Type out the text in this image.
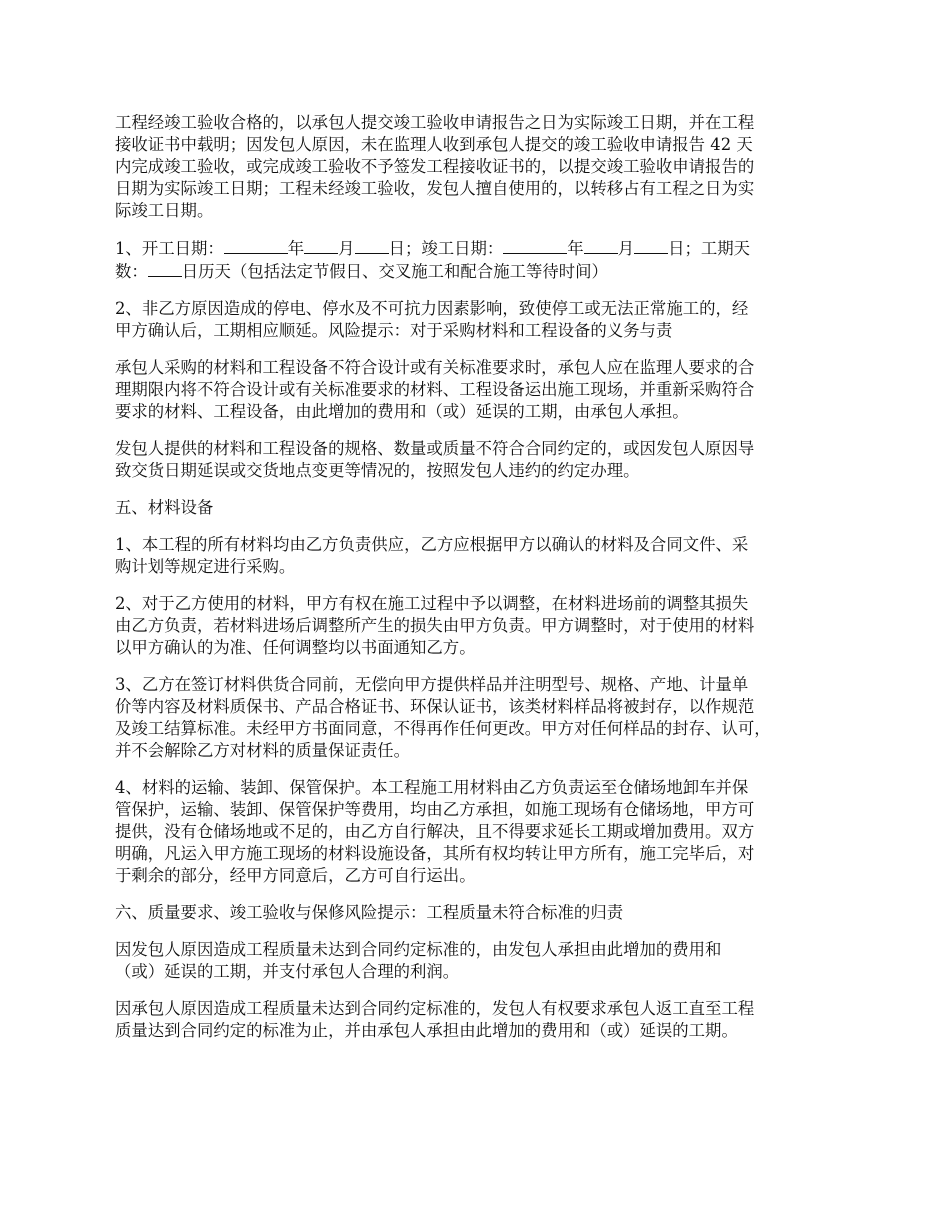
工程经竣工验收合格的，以承包人提交竣工验收申请报告之日为实际竣工日期，并在工程
接收证书中载明；因发包人原因，未在监理人收到承包人提交的竣工验收申请报告 42 天
内完成竣工验收，或完成竣工验收不予签发工程接收证书的，以提交竣工验收申请报告的
日期为实际竣工日期；工程未经竣工验收，发包人擅自使用的，以转移占有工程之日为实
际竣工日期。

1、开工日期：	年 月 日；竣工日期：	年 月 日；工期天
数： 日历天（包括法定节假日、交叉施工和配合施工等待时间）

2、非乙方原因造成的停电、停水及不可抗力因素影响，致使停工或无法正常施工的，经
甲方确认后，工期相应顺延。风险提示：对于采购材料和工程设备的义务与责

承包人采购的材料和工程设备不符合设计或有关标准要求时，承包人应在监理人要求的合
理期限内将不符合设计或有关标准要求的材料、工程设备运出施工现场，并重新采购符合
要求的材料、工程设备，由此增加的费用和（或）延误的工期，由承包人承担。

发包人提供的材料和工程设备的规格、数量或质量不符合合同约定的，或因发包人原因导
致交货日期延误或交货地点变更等情况的，按照发包人违约的约定办理。

五、材料设备

1、本工程的所有材料均由乙方负责供应，乙方应根据甲方以确认的材料及合同文件、采
购计划等规定进行采购。

2、对于乙方使用的材料，甲方有权在施工过程中予以调整，在材料进场前的调整其损失
由乙方负责，若材料进场后调整所产生的损失由甲方负责。甲方调整时，对于使用的材料
以甲方确认的为准、任何调整均以书面通知乙方。

3、乙方在签订材料供货合同前，无偿向甲方提供样品并注明型号、规格、产地、计量单
价等内容及材料质保书、产品合格证书、环保认证书，该类材料样品将被封存，以作规范
及竣工结算标准。未经甲方书面同意，不得再作任何更改。甲方对任何样品的封存、认可，
并不会解除乙方对材料的质量保证责任。

4、材料的运输、装卸、保管保护。本工程施工用材料由乙方负责运至仓储场地卸车并保
管保护，运输、装卸、保管保护等费用，均由乙方承担，如施工现场有仓储场地，甲方可
提供，没有仓储场地或不足的，由乙方自行解决，且不得要求延长工期或增加费用。双方
明确，凡运入甲方施工现场的材料设施设备，其所有权均转让甲方所有，施工完毕后，对
于剩余的部分，经甲方同意后，乙方可自行运出。

六、质量要求、竣工验收与保修风险提示：工程质量未符合标准的归责

因发包人原因造成工程质量未达到合同约定标准的，由发包人承担由此增加的费用和
（或）延误的工期，并支付承包人合理的利润。

因承包人原因造成工程质量未达到合同约定标准的，发包人有权要求承包人返工直至工程
质量达到合同约定的标准为止，并由承包人承担由此增加的费用和（或）延误的工期。
